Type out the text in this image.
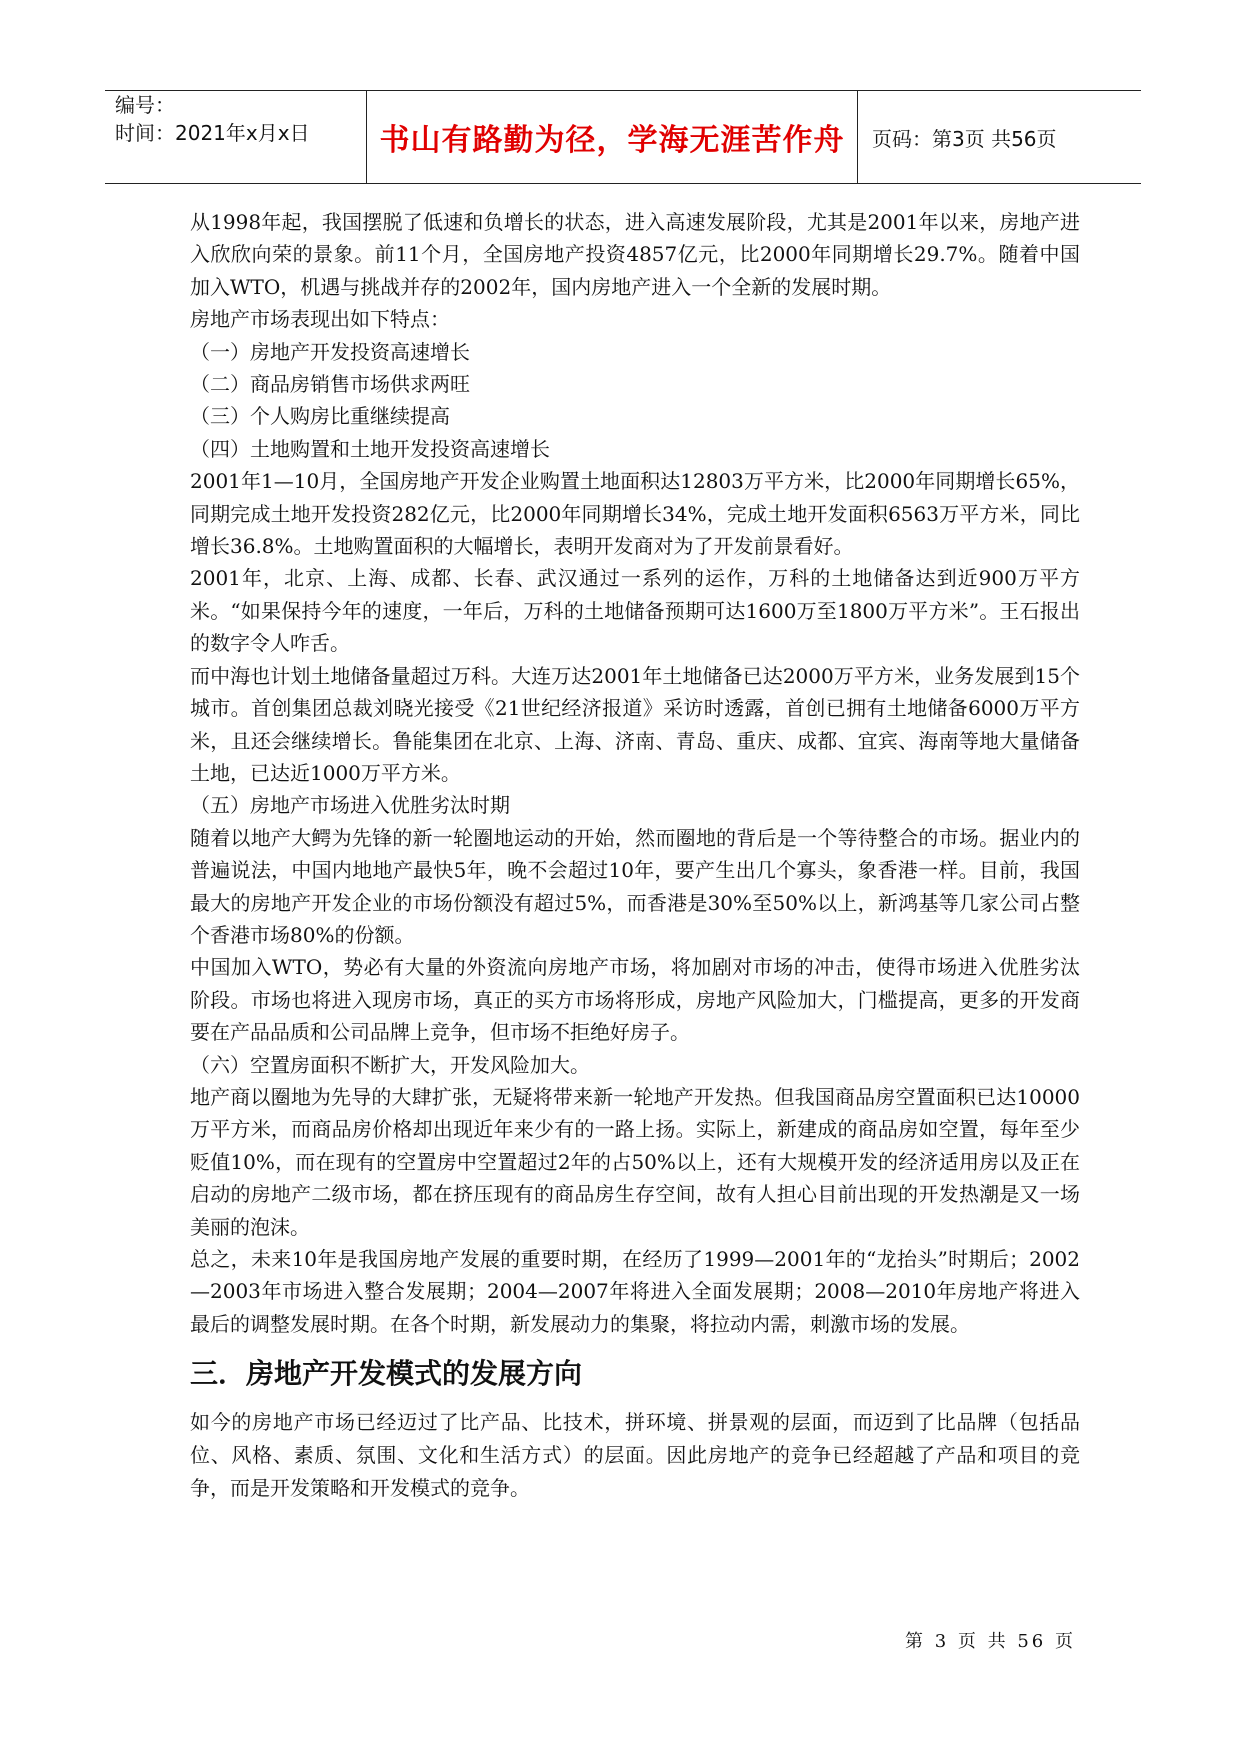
编号：
时间：2021年x月x日	书山有路勤为径，学海无涯苦作舟	页码：第3页 共56页

从1998年起，我国摆脱了低速和负增长的状态，进入高速发展阶段，尤其是2001年以来，房地产进入欣欣向荣的景象。前11个月，全国房地产投资4857亿元，比2000年同期增长29.7%。随着中国加入WTO，机遇与挑战并存的2002年，国内房地产进入一个全新的发展时期。

房地产市场表现出如下特点：

（一）房地产开发投资高速增长

（二）商品房销售市场供求两旺

（三）个人购房比重继续提高

（四）土地购置和土地开发投资高速增长

2001年1—10月，全国房地产开发企业购置土地面积达12803万平方米，比2000年同期增长65%，同期完成土地开发投资282亿元，比2000年同期增长34%，完成土地开发面积6563万平方米，同比增长36.8%。土地购置面积的大幅增长，表明开发商对为了开发前景看好。

2001年，北京、上海、成都、长春、武汉通过一系列的运作，万科的土地储备达到近900万平方米。“如果保持今年的速度，一年后，万科的土地储备预期可达1600万至1800万平方米”。王石报出的数字令人咋舌。

而中海也计划土地储备量超过万科。大连万达2001年土地储备已达2000万平方米，业务发展到15个城市。首创集团总裁刘晓光接受《21世纪经济报道》采访时透露，首创已拥有土地储备6000万平方米，且还会继续增长。鲁能集团在北京、上海、济南、青岛、重庆、成都、宜宾、海南等地大量储备土地，已达近1000万平方米。

（五）房地产市场进入优胜劣汰时期

随着以地产大鳄为先锋的新一轮圈地运动的开始，然而圈地的背后是一个等待整合的市场。据业内的普遍说法，中国内地地产最快5年，晚不会超过10年，要产生出几个寡头，象香港一样。目前，我国最大的房地产开发企业的市场份额没有超过5%，而香港是30%至50%以上，新鸿基等几家公司占整个香港市场80%的份额。

中国加入WTO，势必有大量的外资流向房地产市场，将加剧对市场的冲击，使得市场进入优胜劣汰阶段。市场也将进入现房市场，真正的买方市场将形成，房地产风险加大，门槛提高，更多的开发商要在产品品质和公司品牌上竞争，但市场不拒绝好房子。

（六）空置房面积不断扩大，开发风险加大。

地产商以圈地为先导的大肆扩张，无疑将带来新一轮地产开发热。但我国商品房空置面积已达10000万平方米，而商品房价格却出现近年来少有的一路上扬。实际上，新建成的商品房如空置，每年至少贬值10%，而在现有的空置房中空置超过2年的占50%以上，还有大规模开发的经济适用房以及正在启动的房地产二级市场，都在挤压现有的商品房生存空间，故有人担心目前出现的开发热潮是又一场美丽的泡沫。

总之，未来10年是我国房地产发展的重要时期，在经历了1999—2001年的“龙抬头”时期后；2002—2003年市场进入整合发展期；2004—2007年将进入全面发展期；2008—2010年房地产将进入最后的调整发展时期。在各个时期，新发展动力的集聚，将拉动内需，刺激市场的发展。

三．房地产开发模式的发展方向

如今的房地产市场已经迈过了比产品、比技术，拼环境、拼景观的层面，而迈到了比品牌（包括品位、风格、素质、氛围、文化和生活方式）的层面。因此房地产的竞争已经超越了产品和项目的竞争，而是开发策略和开发模式的竞争。

第 3 页 共 56 页
